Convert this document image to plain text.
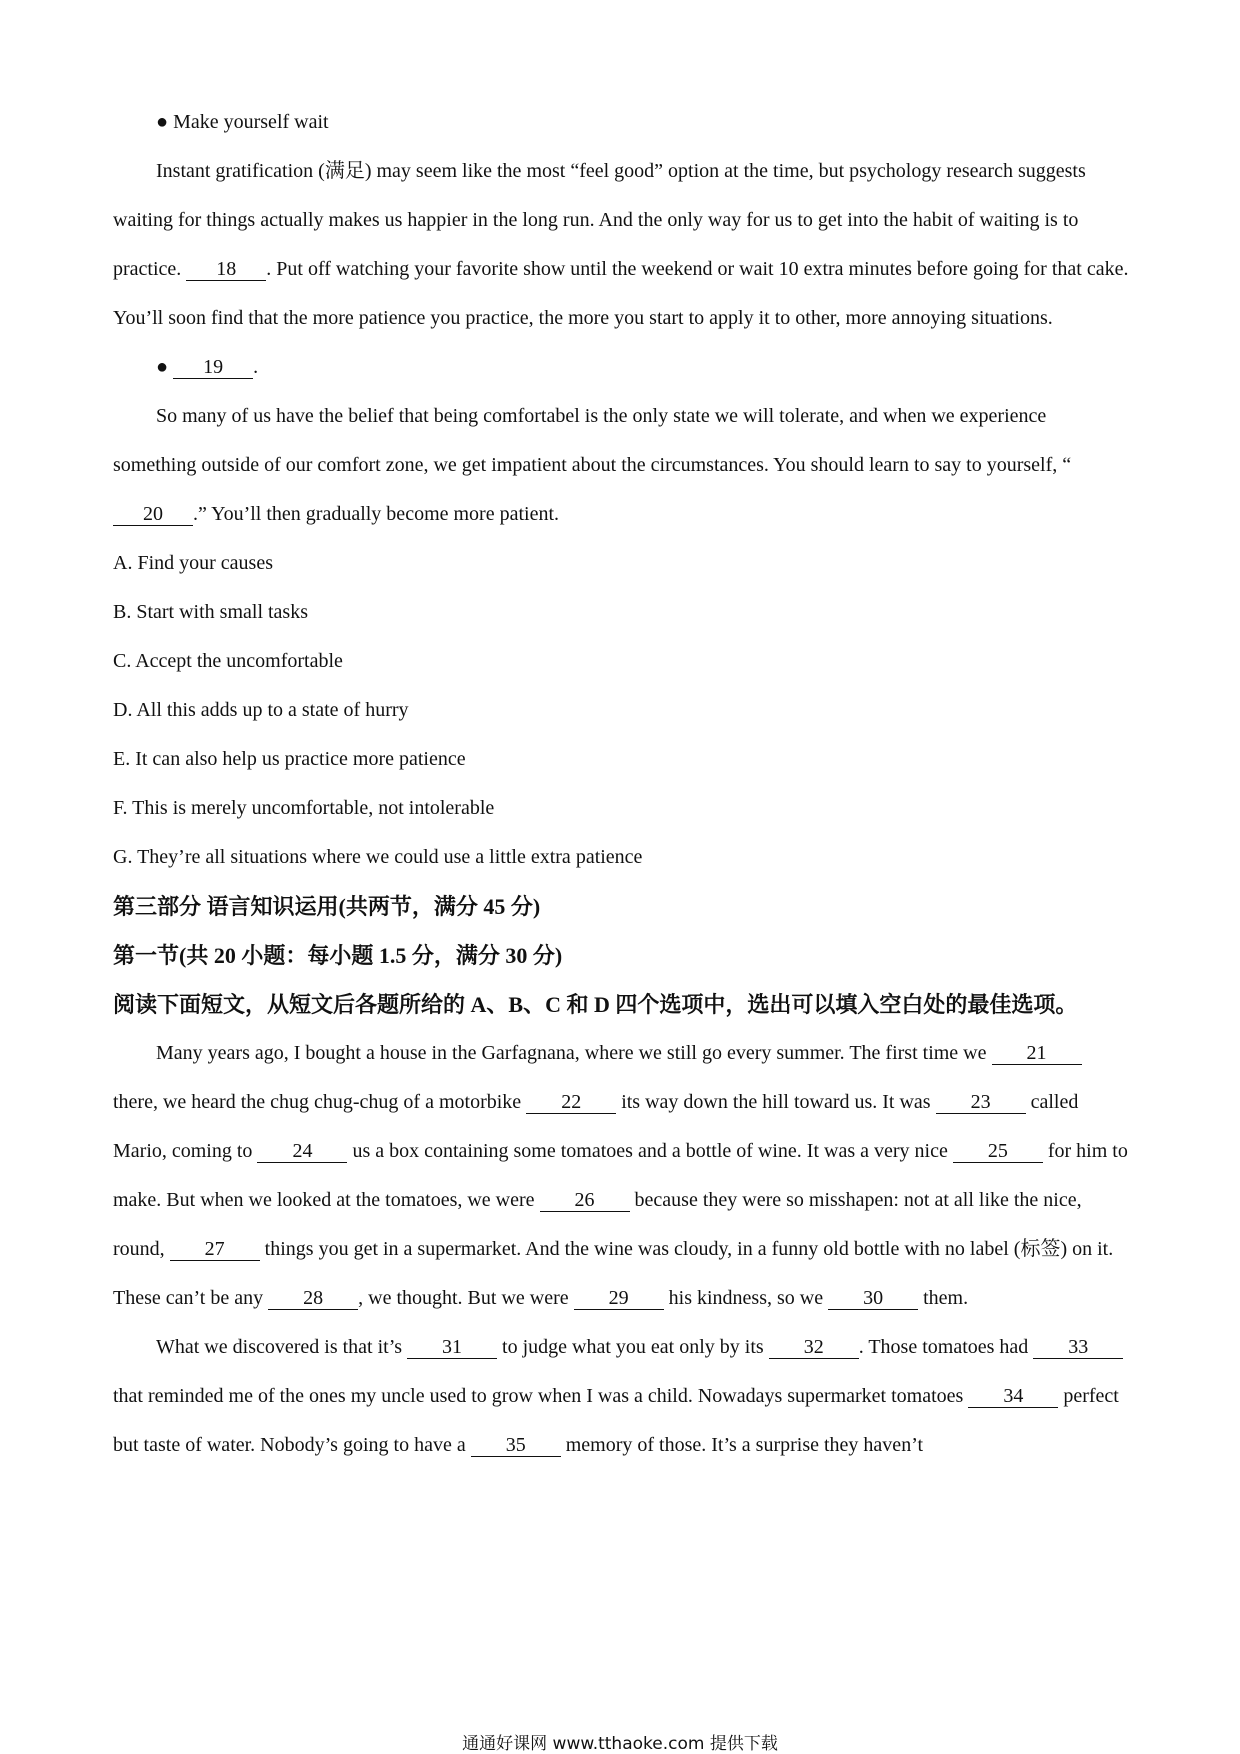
● Make yourself wait

Instant gratification (满足) may seem like the most “feel good” option at the time, but psychology research suggests waiting for things actually makes us happier in the long run. And the only way for us to get into the habit of waiting is to practice. 18 . Put off watching your favorite show until the weekend or wait 10 extra minutes before going for that cake. You’ll soon find that the more patience you practice, the more you start to apply it to other, more annoying situations.

● 19 .

So many of us have the belief that being comfortabel is the only state we will tolerate, and when we experience something outside of our comfort zone, we get impatient about the circumstances. You should learn to say to yourself, “20 .” You’ll then gradually become more patient.

A. Find your causes

B. Start with small tasks

C. Accept the uncomfortable

D. All this adds up to a state of hurry

E. It can also help us practice more patience

F. This is merely uncomfortable, not intolerable

G. They’re all situations where we could use a little extra patience

第三部分 语言知识运用(共两节，满分 45 分)

第一节(共 20 小题：每小题 1.5 分，满分 30 分)

阅读下面短文，从短文后各题所给的 A、B、C 和 D 四个选项中，选出可以填入空白处的最佳选项。

Many years ago, I bought a house in the Garfagnana, where we still go every summer. The first time we 21 there, we heard the chug chug-chug of a motorbike 22 its way down the hill toward us. It was 23 called Mario, coming to 24 us a box containing some tomatoes and a bottle of wine. It was a very nice 25 for him to make. But when we looked at the tomatoes, we were 26 because they were so misshapen: not at all like the nice, round, 27 things you get in a supermarket. And the wine was cloudy, in a funny old bottle with no label (标签) on it. These can’t be any 28 , we thought. But we were 29 his kindness, so we 30 them.

What we discovered is that it’s 31 to judge what you eat only by its 32 . Those tomatoes had 33 that reminded me of the ones my uncle used to grow when I was a child. Nowadays supermarket tomatoes 34 perfect but taste of water. Nobody’s going to have a 35 memory of those. It’s a surprise they haven’t

通通好课网 www.tthaoke.com 提供下载
